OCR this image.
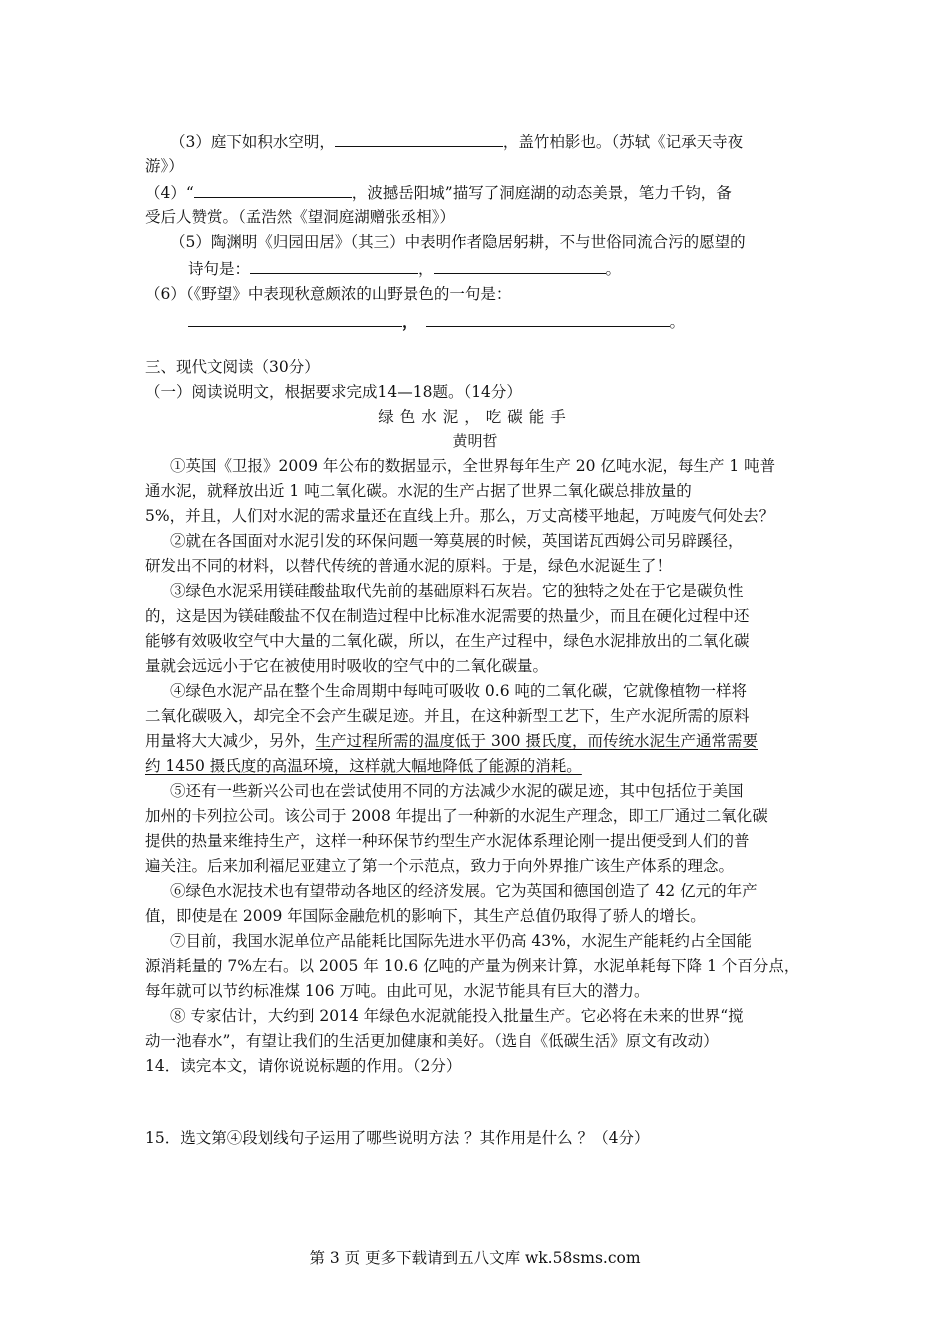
（3）庭下如积水空明，	，盖竹柏影也。（苏轼《记承天寺夜
游》）
（4）“	，波撼岳阳城”描写了洞庭湖的动态美景，笔力千钧，备
受后人赞赏。（孟浩然《望洞庭湖赠张丞相》）
（5）陶渊明《归园田居》（其三）中表明作者隐居躬耕，不与世俗同流合污的愿望的
诗句是：	，	。
（6）（《野望》中表现秋意颇浓的山野景色的一句是：
，	。
三、现代文阅读（30分）
（一）阅读说明文，根据要求完成14—18题。（14分）
绿色水泥，吃碳能手
黄明哲
①英国《卫报》2009 年公布的数据显示，全世界每年生产 20 亿吨水泥，每生产 1 吨普
通水泥，就释放出近 1 吨二氧化碳。水泥的生产占据了世界二氧化碳总排放量的
5%，并且，人们对水泥的需求量还在直线上升。那么，万丈高楼平地起，万吨废气何处去？
②就在各国面对水泥引发的环保问题一筹莫展的时候，英国诺瓦西姆公司另辟蹊径，
研发出不同的材料，以替代传统的普通水泥的原料。于是，绿色水泥诞生了！
③绿色水泥采用镁硅酸盐取代先前的基础原料石灰岩。它的独特之处在于它是碳负性
的，这是因为镁硅酸盐不仅在制造过程中比标准水泥需要的热量少，而且在硬化过程中还
能够有效吸收空气中大量的二氧化碳，所以，在生产过程中，绿色水泥排放出的二氧化碳
量就会远远小于它在被使用时吸收的空气中的二氧化碳量。
④绿色水泥产品在整个生命周期中每吨可吸收 0.6 吨的二氧化碳，它就像植物一样将
二氧化碳吸入，却完全不会产生碳足迹。并且，在这种新型工艺下，生产水泥所需的原料
用量将大大减少，另外，生产过程所需的温度低于 300 摄氏度，而传统水泥生产通常需要
约 1450 摄氏度的高温环境，这样就大幅地降低了能源的消耗。
⑤还有一些新兴公司也在尝试使用不同的方法减少水泥的碳足迹，其中包括位于美国
加州的卡列拉公司。该公司于 2008 年提出了一种新的水泥生产理念，即工厂通过二氧化碳
提供的热量来维持生产，这样一种环保节约型生产水泥体系理论刚一提出便受到人们的普
遍关注。后来加利福尼亚建立了第一个示范点，致力于向外界推广该生产体系的理念。
⑥绿色水泥技术也有望带动各地区的经济发展。它为英国和德国创造了 42 亿元的年产
值，即使是在 2009 年国际金融危机的影响下，其生产总值仍取得了骄人的增长。
⑦目前，我国水泥单位产品能耗比国际先进水平仍高 43%，水泥生产能耗约占全国能
源消耗量的 7%左右。以 2005 年 10.6 亿吨的产量为例来计算，水泥单耗每下降 1 个百分点，
每年就可以节约标准煤 106 万吨。由此可见，水泥节能具有巨大的潜力。
⑧ 专家估计，大约到 2014 年绿色水泥就能投入批量生产。它必将在未来的世界“搅
动一池春水”，有望让我们的生活更加健康和美好。（选自《低碳生活》原文有改动）
14．读完本文，请你说说标题的作用。（2分）
15．选文第④段划线句子运用了哪些说明方法 ？其作用是什么 ？（4分）
第 3 页 更多下载请到五八文库 wk.58sms.com
